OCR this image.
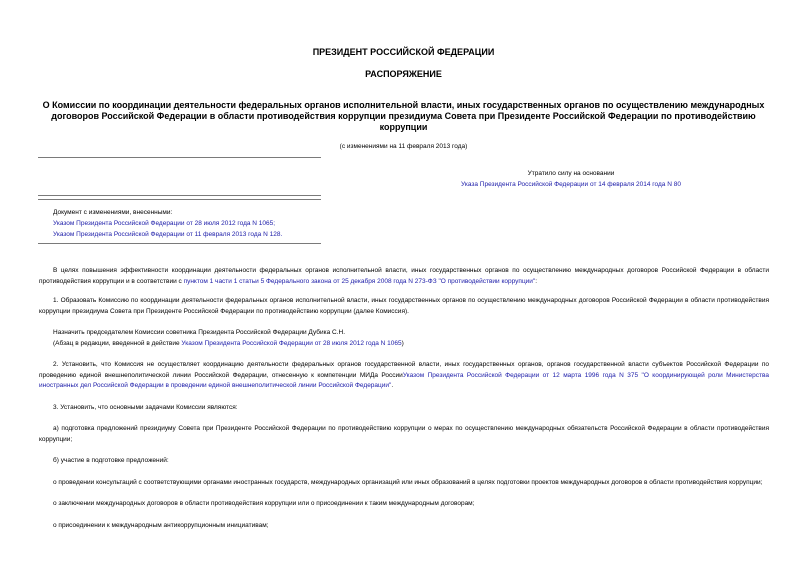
ПРЕЗИДЕНТ РОССИЙСКОЙ ФЕДЕРАЦИИ
РАСПОРЯЖЕНИЕ
О Комиссии по координации деятельности федеральных органов исполнительной власти, иных государственных органов по осуществлению международных договоров Российской Федерации в области противодействия коррупции президиума Совета при Президенте Российской Федерации по противодействию коррупции
(с изменениями на 11 февраля 2013 года)
Утратило силу на основании
Указа Президента Российской Федерации от 14 февраля 2014 года N 80
Документ с изменениями, внесенными:
Указом Президента Российской Федерации от 28 июля 2012 года N 1065;
Указом Президента Российской Федерации от 11 февраля 2013 года N 128.

В целях повышения эффективности координации деятельности федеральных органов исполнительной власти, иных государственных органов по осуществлению международных договоров Российской Федерации в области противодействия коррупции и в соответствии с пунктом 1 части 1 статьи 5 Федерального закона от 25 декабря 2008 года N 273-ФЗ "О противодействии коррупции":

1. Образовать Комиссию по координации деятельности федеральных органов исполнительной власти, иных государственных органов по осуществлению международных договоров Российской Федерации в области противодействия коррупции президиума Совета при Президенте Российской Федерации по противодействию коррупции (далее Комиссия).

Назначить председателем Комиссии советника Президента Российской Федерации Дубика С.Н.

(Абзац в редакции, введенной в действие Указом Президента Российской Федерации от 28 июля 2012 года N 1065)

2. Установить, что Комиссия не осуществляет координацию деятельности федеральных органов государственной власти, иных государственных органов, органов государственной власти субъектов Российской Федерации по проведению единой внешнеполитической линии Российской Федерации, отнесенную к компетенции МИДа РоссииУказом Президента Российской Федерации от 12 марта 1996 года N 375 "О координирующей роли Министерства иностранных дел Российской Федерации в проведении единой внешнеполитической линии Российской Федерации".

3. Установить, что основными задачами Комиссии являются:

а) подготовка предложений президиуму Совета при Президенте Российской Федерации по противодействию коррупции о мерах по осуществлению международных обязательств Российской Федерации в области противодействия коррупции;

б) участие в подготовке предложений:

о проведении консультаций с соответствующими органами иностранных государств, международных организаций или иных образований в целях подготовки проектов международных договоров в области противодействия коррупции;

о заключении международных договоров в области противодействия коррупции или о присоединении к таким международным договорам;

о присоединении к международным антикоррупционным инициативам;
